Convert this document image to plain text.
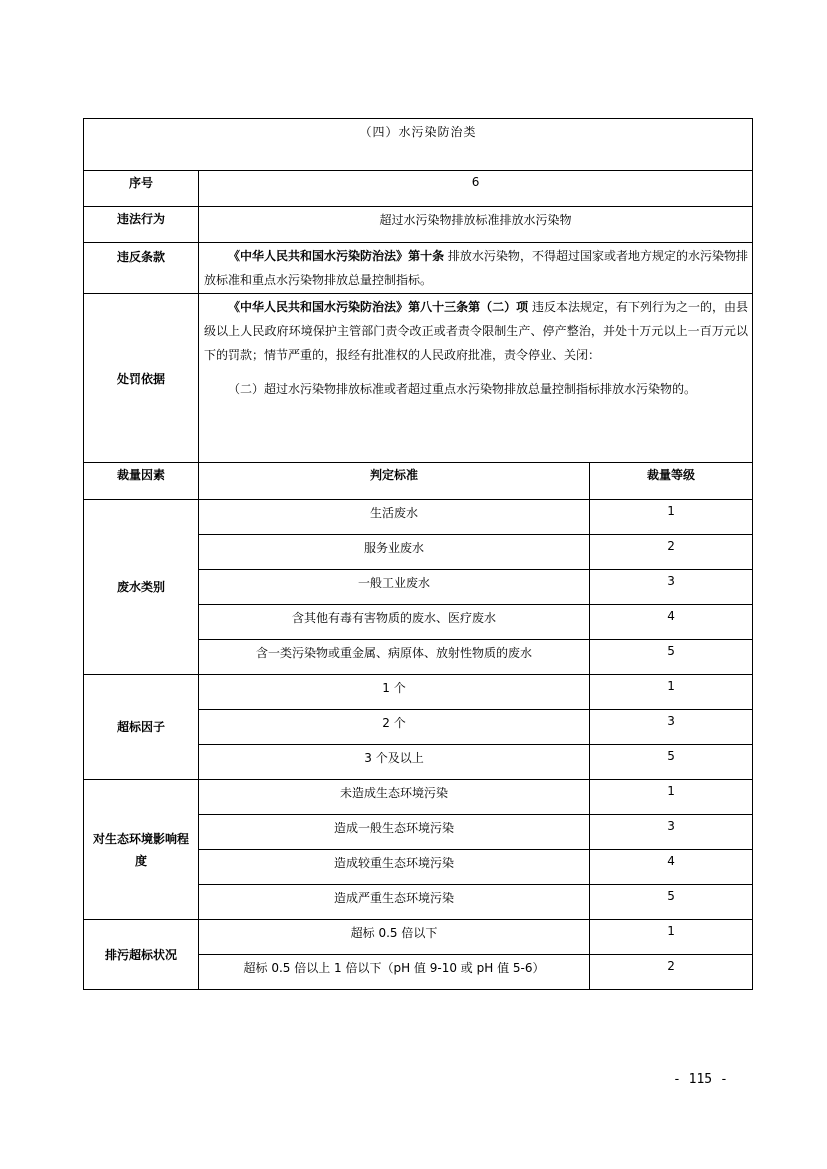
（四）水污染防治类		
序号	6	
违法行为	超过水污染物排放标准排放水污染物	
违反条款	《中华人民共和国水污染防治法》第十条 排放水污染物，不得超过国家或者地方规定的水污染物排放标准和重点水污染物排放总量控制指标。	
处罚依据	《中华人民共和国水污染防治法》第八十三条第（二）项 违反本法规定，有下列行为之一的，由县级以上人民政府环境保护主管部门责令改正或者责令限制生产、停产整治，并处十万元以上一百万元以下的罚款；情节严重的，报经有批准权的人民政府批准，责令停业、关闭：
（二）超过水污染物排放标准或者超过重点水污染物排放总量控制指标排放水污染物的。	

裁量因素	判定标准	裁量等级
废水类别	生活废水	1
	服务业废水	2
	一般工业废水	3
	含其他有毒有害物质的废水、医疗废水	4
	含一类污染物或重金属、病原体、放射性物质的废水	5
超标因子	1 个	1
	2 个	3
	3 个及以上	5
对生态环境影响程度	未造成生态环境污染	1
	造成一般生态环境污染	3
	造成较重生态环境污染	4
	造成严重生态环境污染	5
排污超标状况	超标 0.5 倍以下	1
	超标 0.5 倍以上 1 倍以下（pH 值 9-10 或 pH 值 5-6）	2
- 115 -
